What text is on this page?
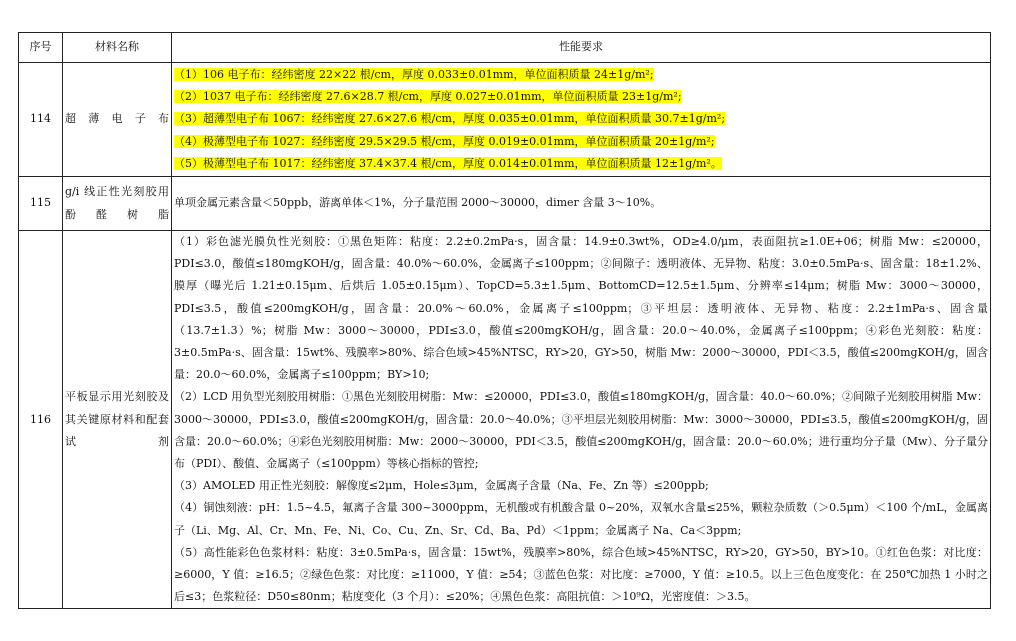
序号	材料名称	性能要求
114	超薄电子布	（1）106 电子布：经纬密度 22×22 根/cm，厚度 0.033±0.01mm，单位面积质量 24±1g/m²;

（2）1037 电子布：经纬密度 27.6×28.7 根/cm，厚度 0.027±0.01mm，单位面积质量 23±1g/m²;

（3）超薄型电子布 1067：经纬密度 27.6×27.6 根/cm，厚度 0.035±0.01mm，单位面积质量 30.7±1g/m²;

（4）极薄型电子布 1027：经纬密度 29.5×29.5 根/cm，厚度 0.019±0.01mm，单位面积质量 20±1g/m²;

（5）极薄型电子布 1017：经纬密度 37.4×37.4 根/cm，厚度 0.014±0.01mm，单位面积质量 12±1g/m²。

115	g/i 线正性光刻胶用酚醛树脂	单项金属元素含量＜50ppb，游离单体＜1%，分子量范围 2000～30000，dimer 含量 3～10%。
116	平板显示用光刻胶及其关键原材料和配套试剂	（1）彩色滤光膜负性光刻胶：①黑色矩阵：粘度：2.2±0.2mPa·s，固含量：14.9±0.3wt%，OD≥4.0/μm，表面阻抗≥1.0E+06；树脂 Mw：≤20000，PDI≤3.0，酸值≤180mgKOH/g，固含量：40.0%～60.0%，金属离子≤100ppm；②间隙子：透明液体、无异物、粘度：3.0±0.5mPa·s、固含量：18±1.2%、膜厚（曝光后 1.21±0.15μm、后烘后 1.05±0.15μm）、TopCD=5.3±1.5μm、BottomCD=12.5±1.5μm、分辨率≤14μm；树脂 Mw：3000～30000，PDI≤3.5，酸值≤200mgKOH/g，固含量：20.0%～60.0%，金属离子≤100ppm；③平坦层：透明液体、无异物、粘度：2.2±1mPa·s、固含量（13.7±1.3）%；树脂 Mw：3000～30000，PDI≤3.0，酸值≤200mgKOH/g，固含量：20.0～40.0%，金属离子≤100ppm；④彩色光刻胶：粘度：3±0.5mPa·s、固含量：15wt%、残膜率>80%、综合色域>45%NTSC，RY>20，GY>50，树脂 Mw：2000～30000，PDI＜3.5，酸值≤200mgKOH/g，固含量：20.0～60.0%，金属离子≤100ppm；BY>10;

（2）LCD 用负型光刻胶用树脂：①黑色光刻胶用树脂：Mw：≤20000，PDI≤3.0，酸值≤180mgKOH/g，固含量：40.0～60.0%；②间隙子光刻胶用树脂 Mw：3000～30000，PDI≤3.0，酸值≤200mgKOH/g，固含量：20.0～40.0%；③平坦层光刻胶用树脂：Mw：3000～30000，PDI≤3.5，酸值≤200mgKOH/g，固含量：20.0～60.0%；④彩色光刻胶用树脂：Mw：2000～30000，PDI＜3.5，酸值≤200mgKOH/g，固含量：20.0～60.0%；进行重均分子量（Mw）、分子量分布（PDI）、酸值、金属离子（≤100ppm）等核心指标的管控;

（3）AMOLED 用正性光刻胶：解像度≤2μm，Hole≤3μm，金属离子含量（Na、Fe、Zn 等）≤200ppb;

（4）铜蚀刻液：pH：1.5~4.5，氟离子含量 300~3000ppm，无机酸或有机酸含量 0~20%，双氧水含量≤25%，颗粒杂质数（＞0.5μm）＜100 个/mL，金属离子（Li、Mg、Al、Cr、Mn、Fe、Ni、Co、Cu、Zn、Sr、Cd、Ba、Pd）＜1ppm；金属离子 Na、Ca＜3ppm;

（5）高性能彩色色浆材料：粘度：3±0.5mPa·s，固含量：15wt%，残膜率>80%，综合色域>45%NTSC，RY>20，GY>50，BY>10。①红色色浆：对比度：≥6000，Y 值：≥16.5；②绿色色浆：对比度：≥11000，Y 值：≥54；③蓝色色浆：对比度：≥7000，Y 值：≥10.5。以上三色色度变化：在 250℃加热 1 小时之后≤3；色浆粒径：D50≤80nm；粘度变化（3 个月）：≤20%；④黑色色浆：高阻抗值：＞10⁹Ω，光密度值：＞3.5。
